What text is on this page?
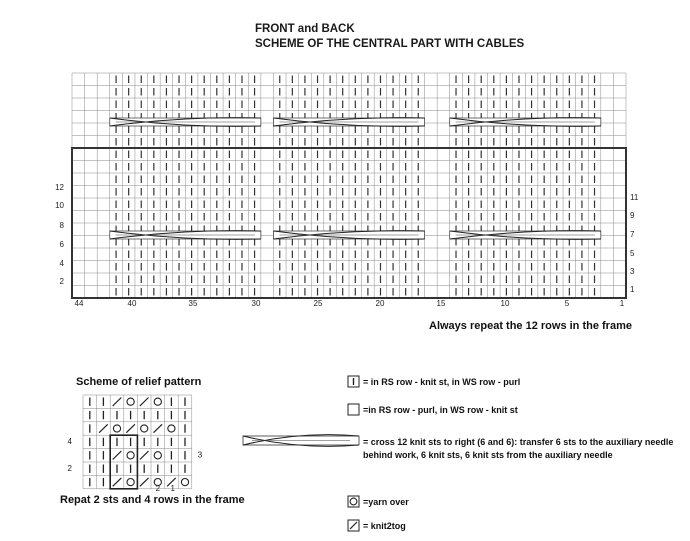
FRONT and BACK
SCHEME OF THE CENTRAL PART WITH CABLES
12
10
8
6
4
2
11
9
7
5
3
1
44	40	35	30	25	20	15	10	5	1
4
2
3
2 1
Always repeat the 12 rows in the frame
Scheme of relief pattern
Repat 2 sts and 4 rows in the frame
= in RS row - knit st, in WS row - purl
=in RS row - purl, in WS row - knit st
= cross 12 knit sts to right (6 and 6): transfer 6 sts to the auxiliary needle behind work, 6 knit sts, 6 knit sts from the auxiliary needle
=yarn over
= knit2tog
